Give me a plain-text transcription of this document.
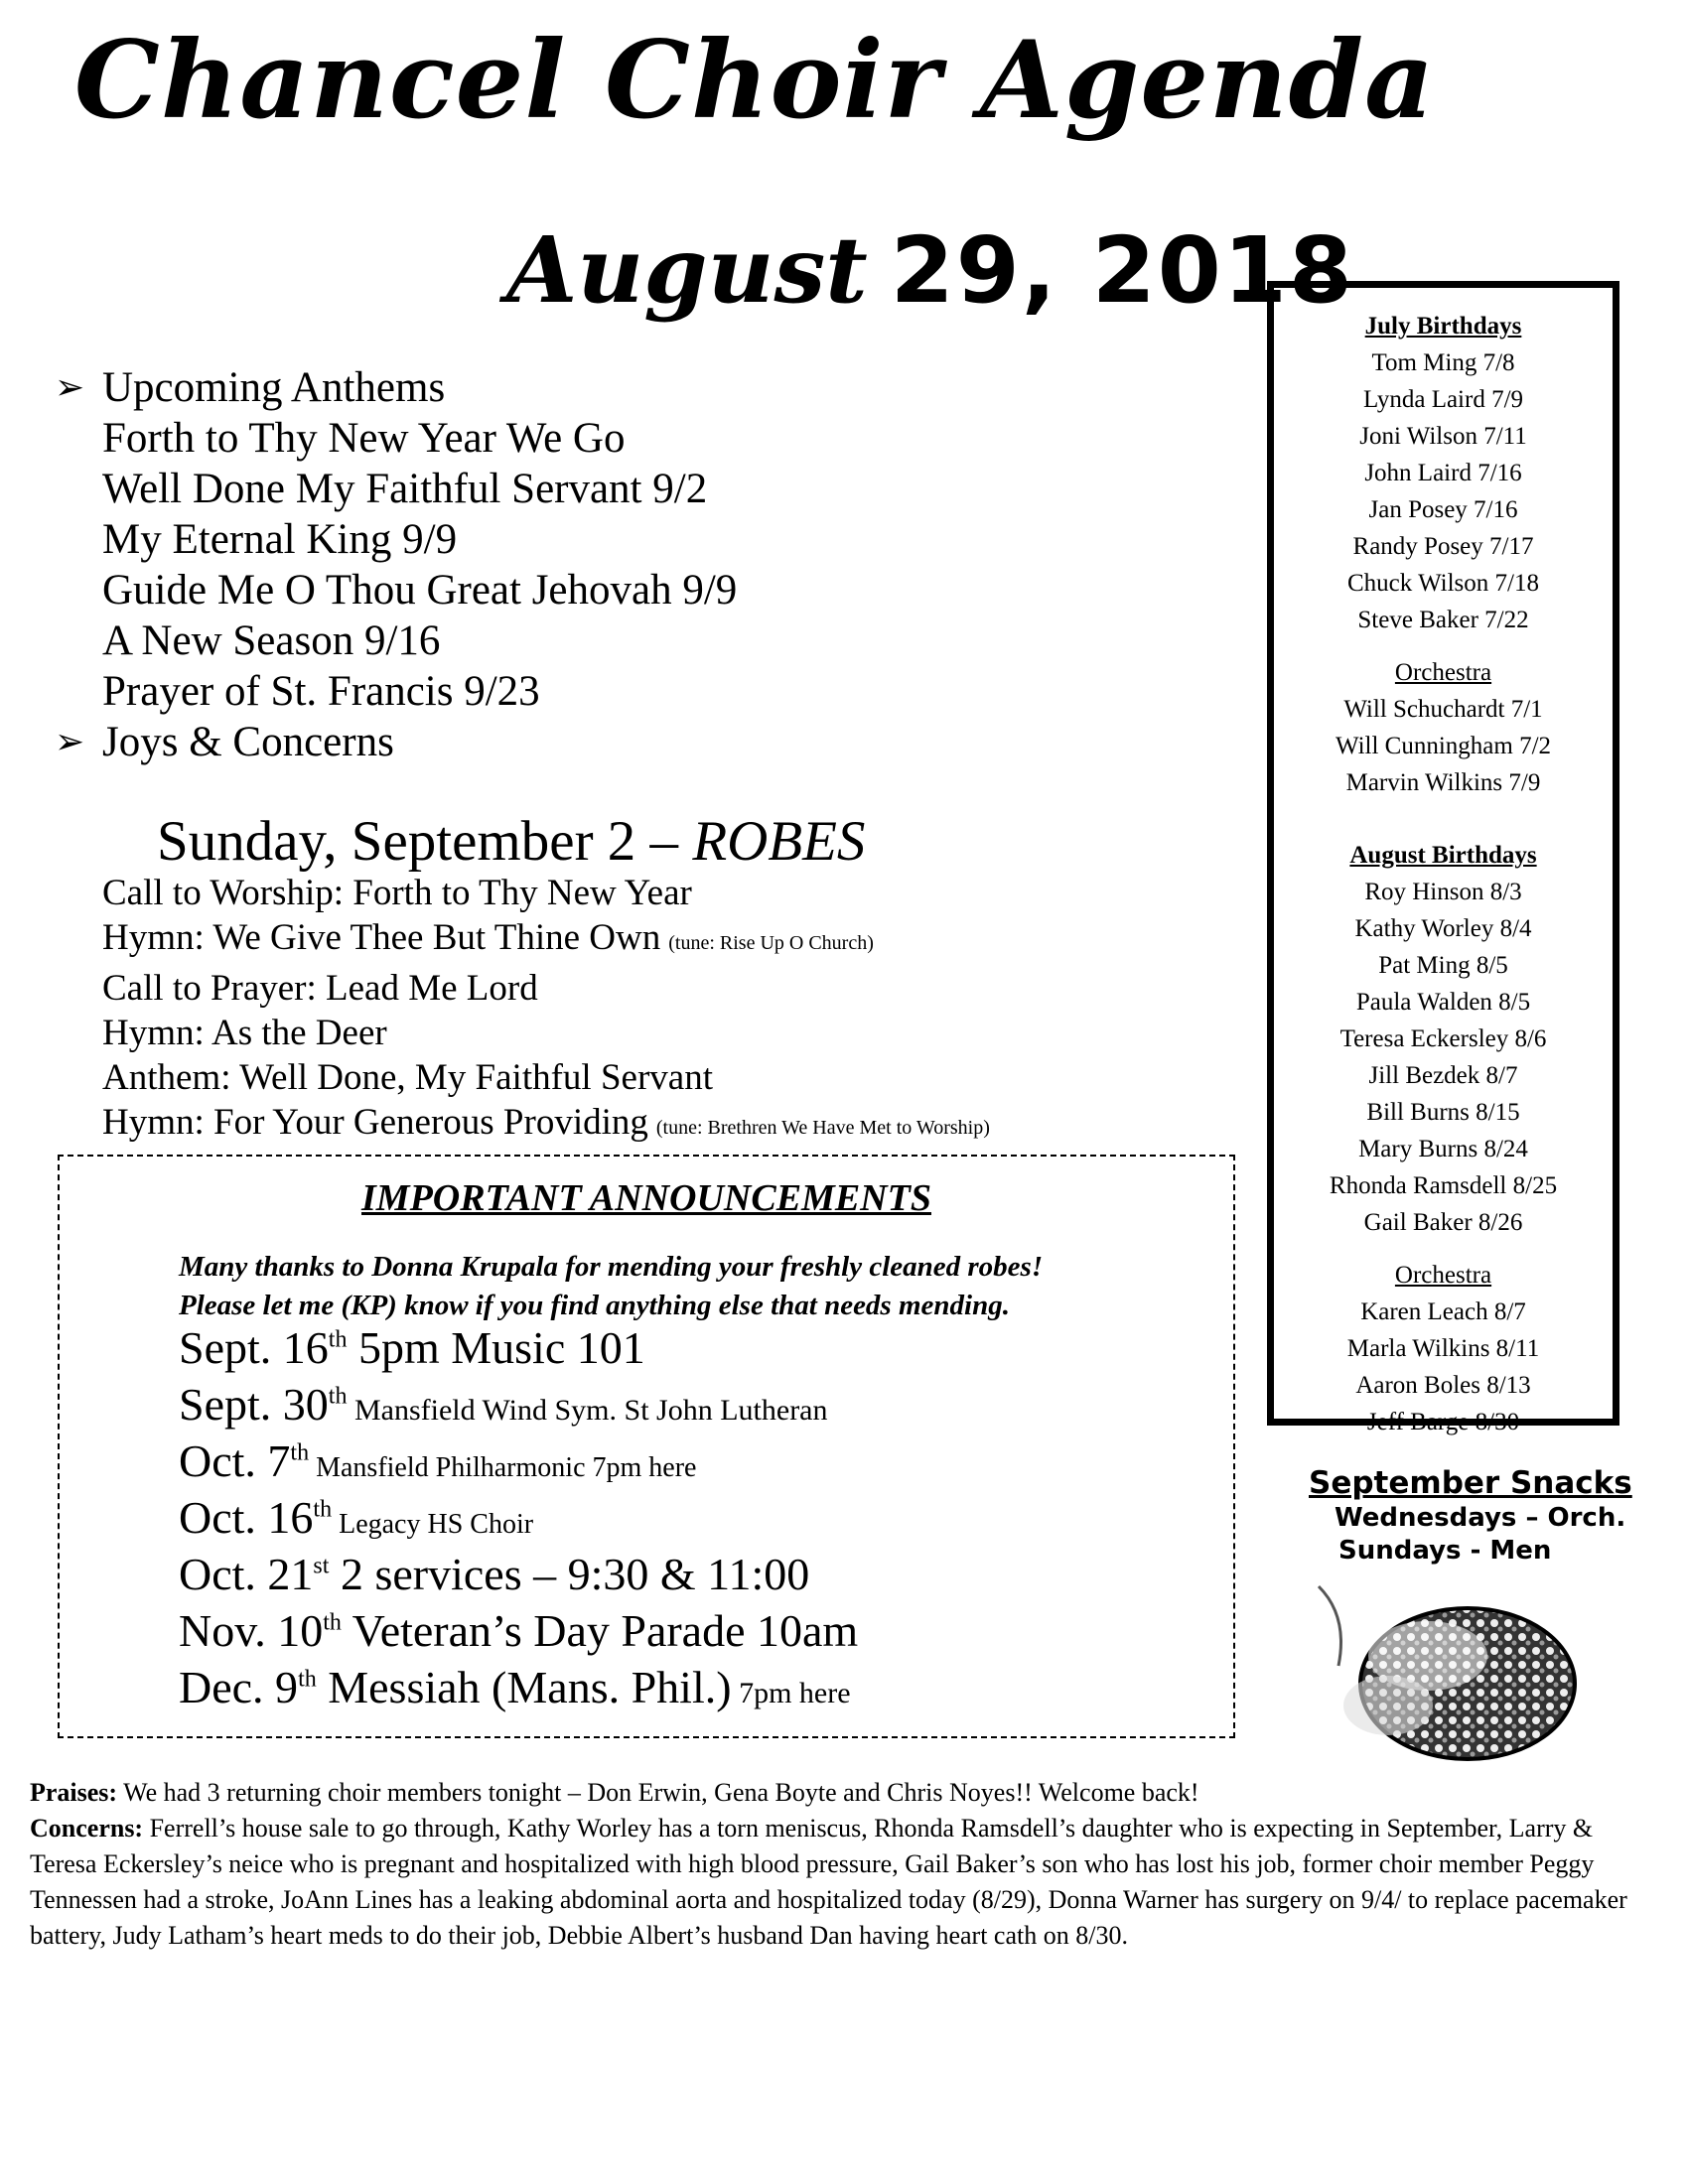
Chancel Choir Agenda
August 29, 2018
➢ Upcoming Anthems
Forth to Thy New Year We Go
Well Done My Faithful Servant 9/2
My Eternal King 9/9
Guide Me O Thou Great Jehovah 9/9
A New Season 9/16
Prayer of St. Francis 9/23
➢ Joys & Concerns
Sunday, September 2 – ROBES
Call to Worship: Forth to Thy New Year
Hymn: We Give Thee But Thine Own (tune: Rise Up O Church)
Call to Prayer: Lead Me Lord
Hymn: As the Deer
Anthem: Well Done, My Faithful Servant
Hymn: For Your Generous Providing (tune: Brethren We Have Met to Worship)
IMPORTANT ANNOUNCEMENTS
Many thanks to Donna Krupala for mending your freshly cleaned robes!
Please let me (KP) know if you find anything else that needs mending.
Sept. 16th 5pm Music 101
Sept. 30th Mansfield Wind Sym. St John Lutheran
Oct. 7th Mansfield Philharmonic 7pm here
Oct. 16th Legacy HS Choir
Oct. 21st 2 services – 9:30 & 11:00
Nov. 10th Veteran’s Day Parade 10am
Dec. 9th Messiah (Mans. Phil.) 7pm here
July Birthdays
Tom Ming 7/8
Lynda Laird 7/9
Joni Wilson 7/11
John Laird 7/16
Jan Posey 7/16
Randy Posey 7/17
Chuck Wilson 7/18
Steve Baker 7/22
Orchestra
Will Schuchardt 7/1
Will Cunningham 7/2
Marvin Wilkins 7/9
August Birthdays
Roy Hinson 8/3
Kathy Worley 8/4
Pat Ming 8/5
Paula Walden 8/5
Teresa Eckersley 8/6
Jill Bezdek 8/7
Bill Burns 8/15
Mary Burns 8/24
Rhonda Ramsdell 8/25
Gail Baker 8/26
Orchestra
Karen Leach 8/7
Marla Wilkins 8/11
Aaron Boles 8/13
Jeff Barge 8/30
September Snacks
Wednesdays – Orch.
Sundays - Men
Praises: We had 3 returning choir members tonight – Don Erwin, Gena Boyte and Chris Noyes!! Welcome back!
Concerns: Ferrell’s house sale to go through, Kathy Worley has a torn meniscus, Rhonda Ramsdell’s daughter who is expecting in September, Larry & Teresa Eckersley’s neice who is pregnant and hospitalized with high blood pressure, Gail Baker’s son who has lost his job, former choir member Peggy Tennessen had a stroke, JoAnn Lines has a leaking abdominal aorta and hospitalized today (8/29), Donna Warner has surgery on 9/4/ to replace pacemaker battery, Judy Latham’s heart meds to do their job, Debbie Albert’s husband Dan having heart cath on 8/30.
